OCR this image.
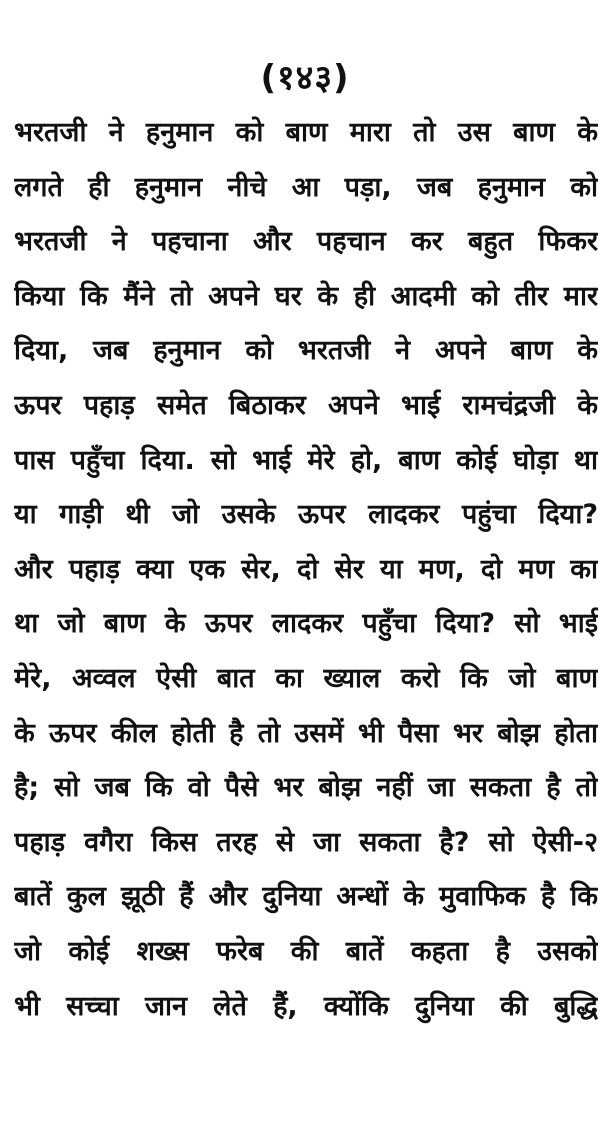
(१४३)
भरतजी ने हनुमान को बाण मारा तो उस बाण के
लगते ही हनुमान नीचे आ पड़ा, जब हनुमान को
भरतजी ने पहचाना और पहचान कर बहुत फिकर
किया कि मैंने तो अपने घर के ही आदमी को तीर मार
दिया, जब हनुमान को भरतजी ने अपने बाण के
ऊपर पहाड़ समेत बिठाकर अपने भाई रामचंद्रजी के
पास पहुँचा दिया. सो भाई मेरे हो, बाण कोई घोड़ा था
या गाड़ी थी जो उसके ऊपर लादकर पहुंचा दिया?
और पहाड़ क्या एक सेर, दो सेर या मण, दो मण का
था जो बाण के ऊपर लादकर पहुँचा दिया? सो भाई
मेरे, अव्वल ऐसी बात का ख्याल करो कि जो बाण
के ऊपर कील होती है तो उसमें भी पैसा भर बोझ होता
है; सो जब कि वो पैसे भर बोझ नहीं जा सकता है तो
पहाड़ वगैरा किस तरह से जा सकता है? सो ऐसी-२
बातें कुल झूठी हैं और दुनिया अन्धों के मुवाफिक है कि
जो कोई शख्स फरेब की बातें कहता है उसको
भी सच्चा जान लेते हैं, क्योंकि दुनिया की बुद्धि
